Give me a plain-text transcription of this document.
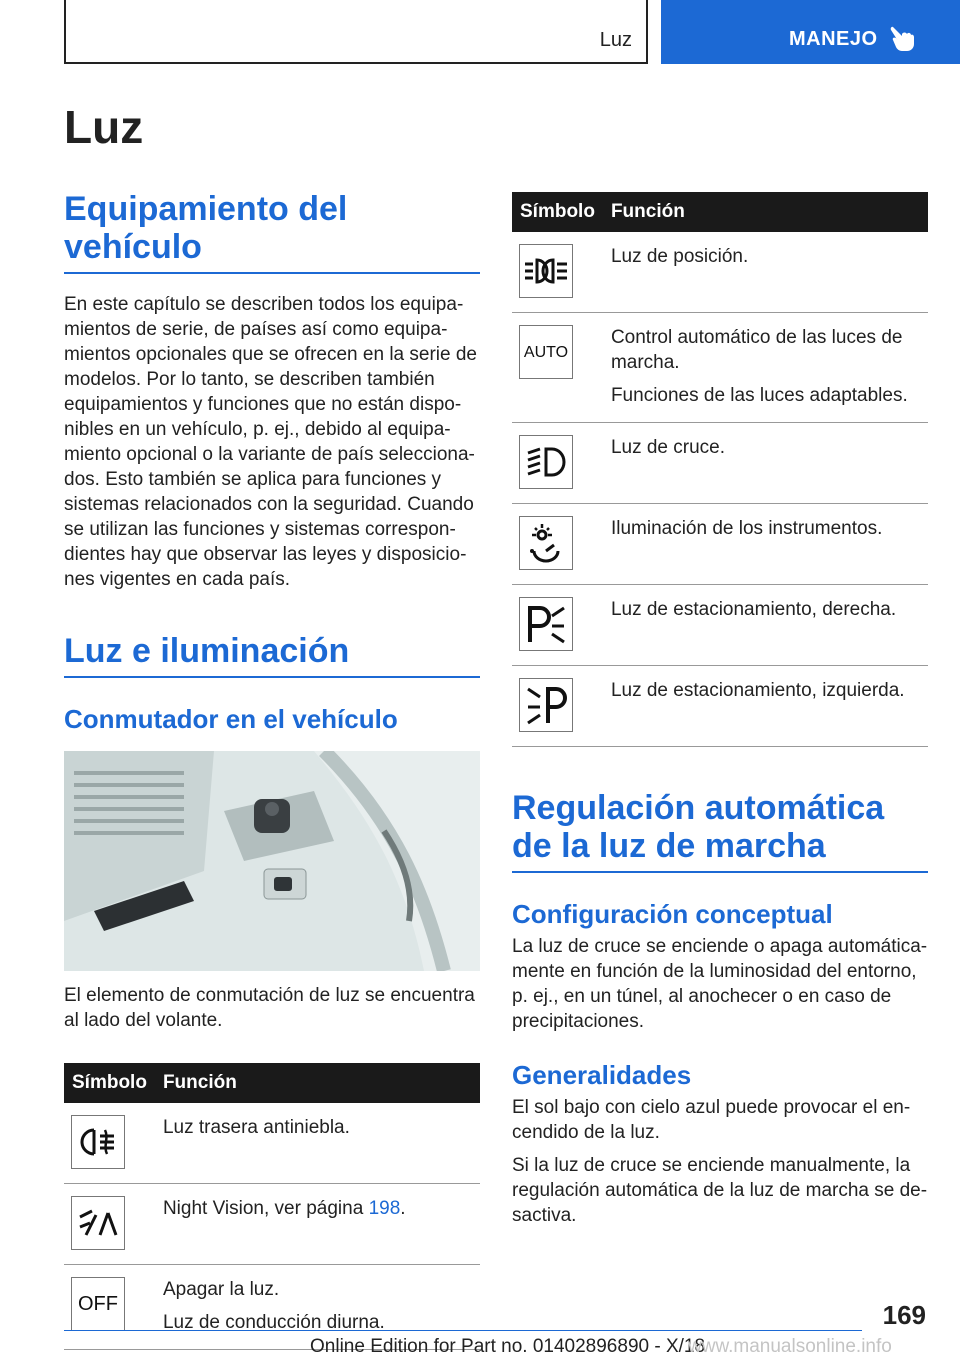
Luz	MANEJO
Luz
Equipamiento del vehículo

En este capítulo se describen todos los equipamientos de serie, de países así como equipamientos opcionales que se ofrecen en la serie de modelos. Por lo tanto, se describen también equipamientos y funciones que no están disponibles en un vehículo, p. ej., debido al equipamiento opcional o la variante de país seleccionados. Esto también se aplica para funciones y sistemas relacionados con la seguridad. Cuando se utilizan las funciones y sistemas correspondientes hay que observar las leyes y disposiciones vigentes en cada país.

Luz e iluminación
Conmutador en el vehículo

El elemento de conmutación de luz se encuentra al lado del volante.

Símbolo	Función

Luz trasera antiniebla.

	Night Vision, ver página 198.

OFF	Apagar la luz.
Luz de conducción diurna.
Símbolo	Función

Luz de posición.

AUTO	Control automático de las luces de marcha.
Funciones de las luces adaptables.

Luz de cruce.

Iluminación de los instrumentos.

Luz de estacionamiento, derecha.

Luz de estacionamiento, izquierda.
Regulación automática de la luz de marcha
Configuración conceptual

La luz de cruce se enciende o apaga automáticamente en función de la luminosidad del entorno, p. ej., en un túnel, al anochecer o en caso de precipitaciones.

Generalidades

El sol bajo con cielo azul puede provocar el encendido de la luz.

Si la luz de cruce se enciende manualmente, la regulación automática de la luz de marcha se desactiva.

169
Online Edition for Part no. 01402896890 - X/18
www.manualsonline.info
